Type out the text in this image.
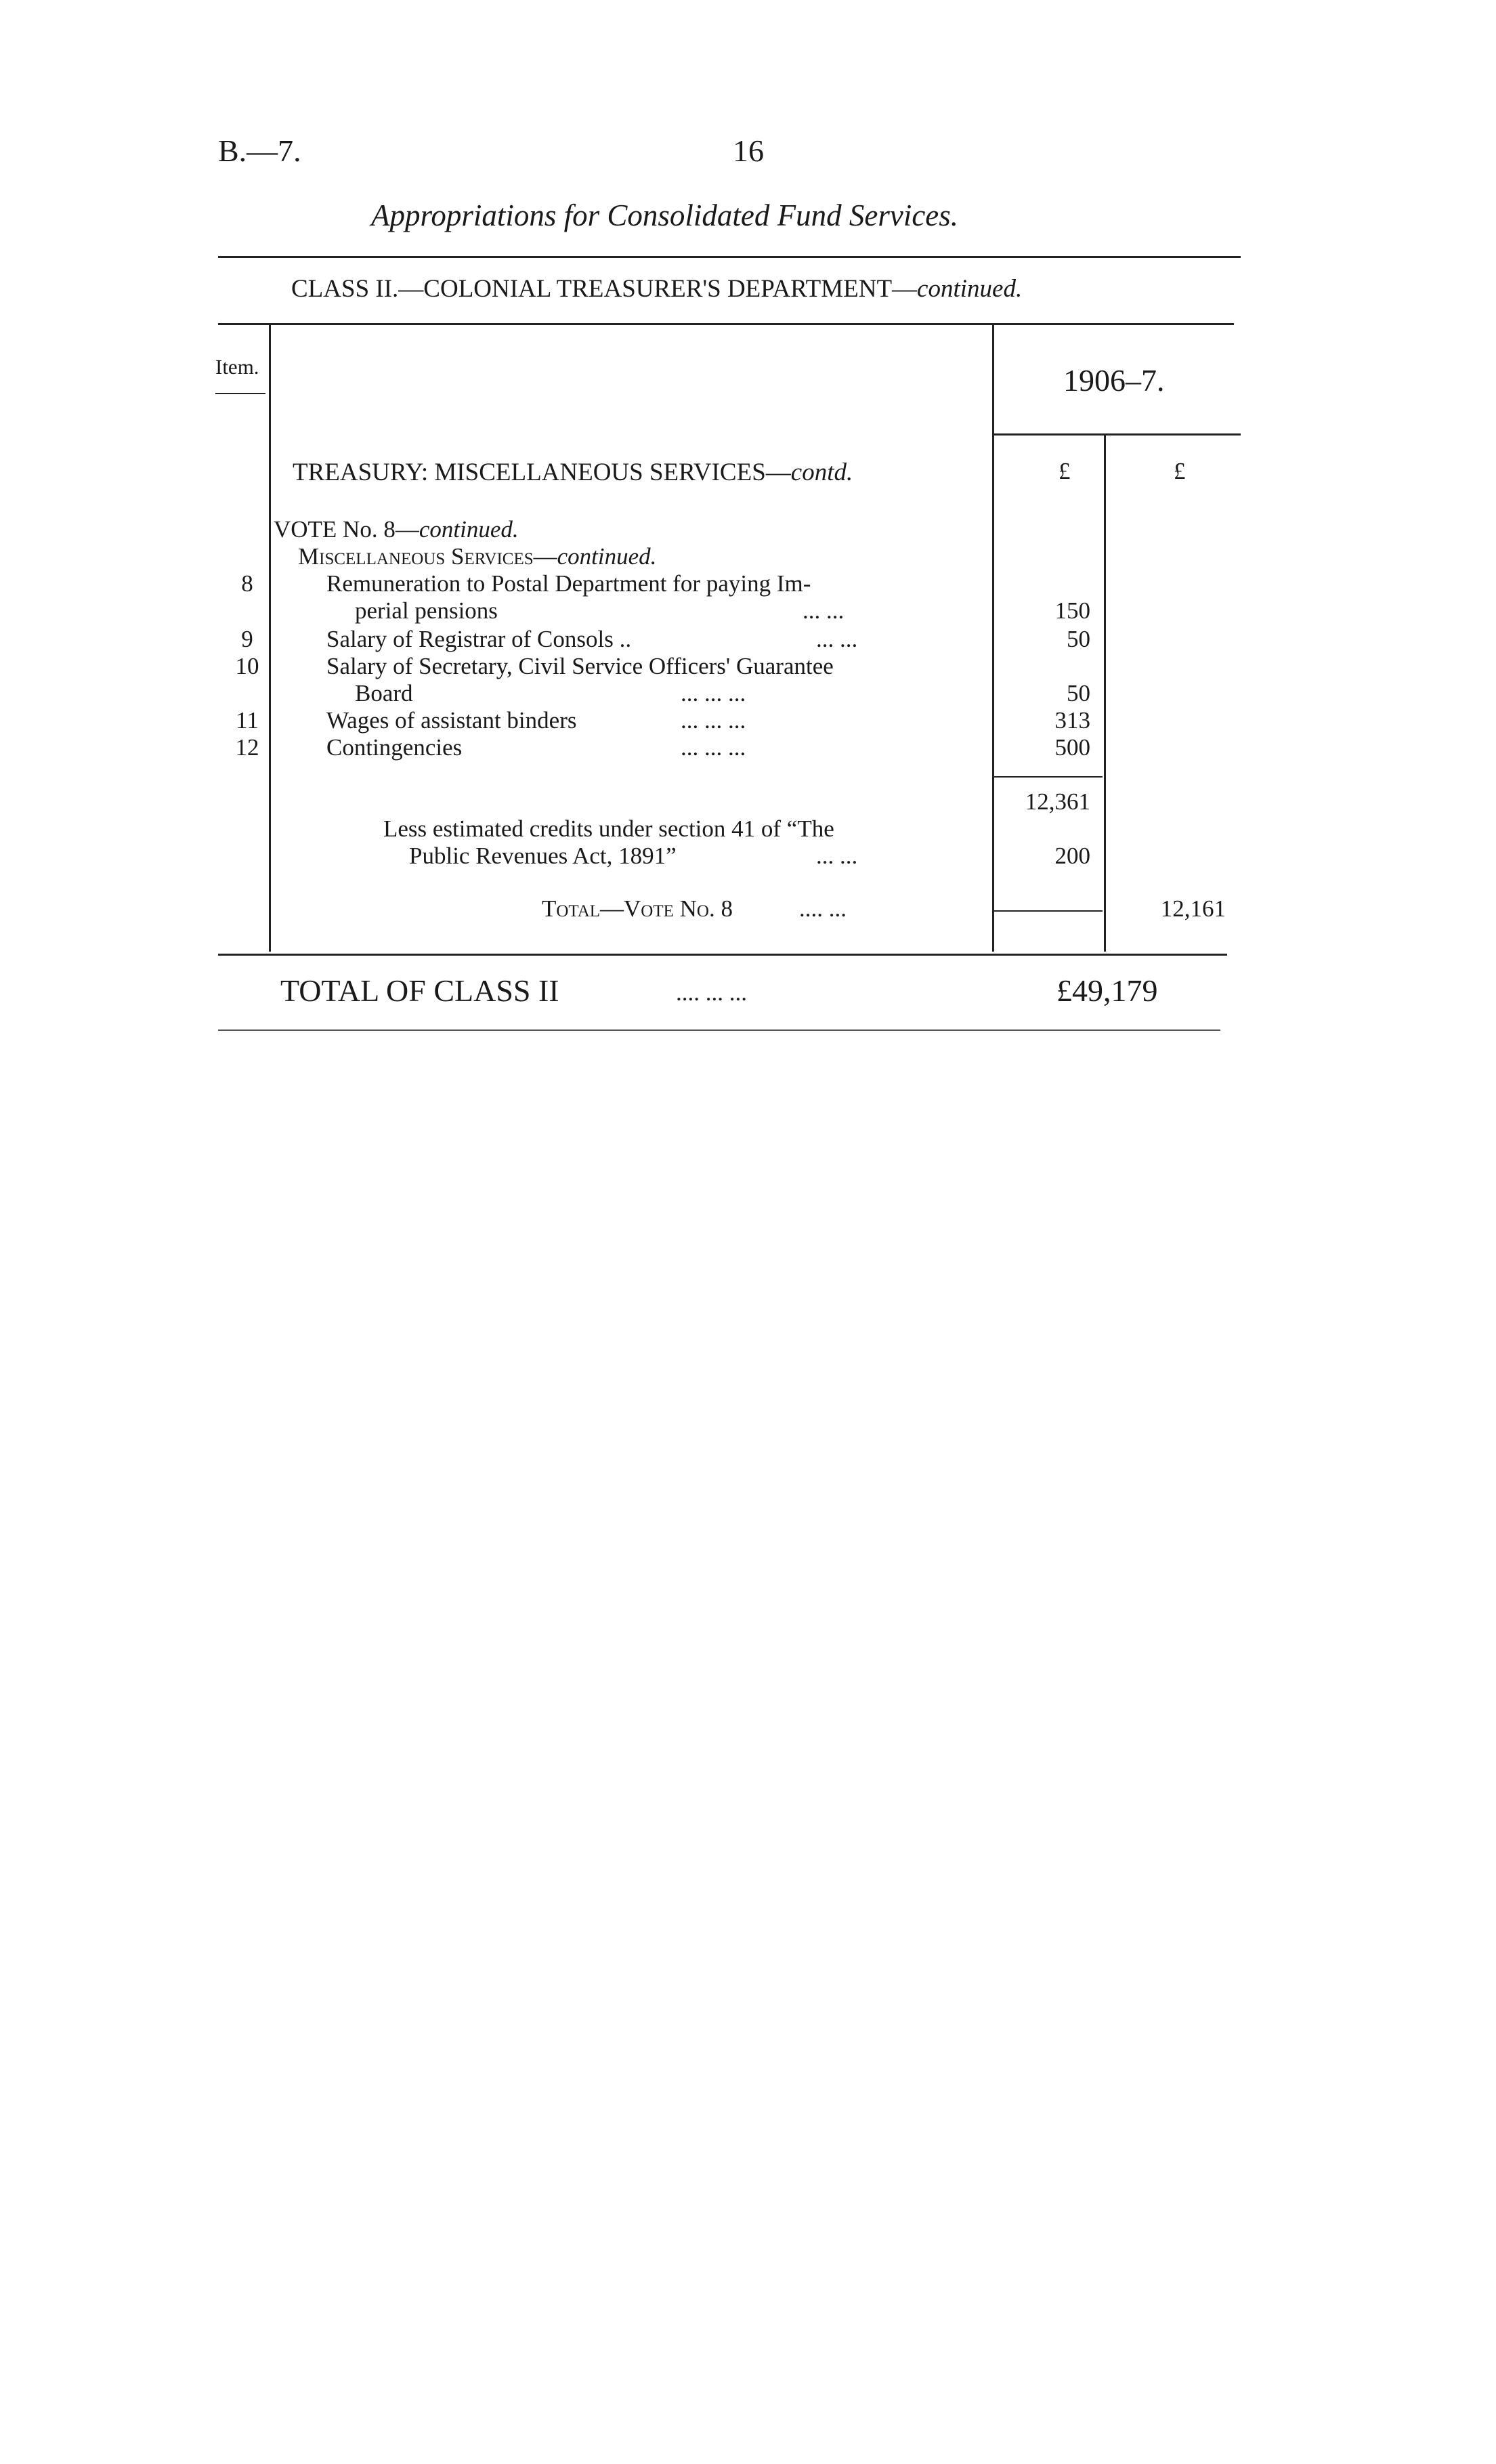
B.—7.	16
Appropriations for Consolidated Fund Services.
CLASS II.—COLONIAL TREASURER'S DEPARTMENT—continued.
Item.	1906–7.
£	£
TREASURY: MISCELLANEOUS SERVICES—contd.
VOTE No. 8—continued.
Miscellaneous Services—continued.
8	Remuneration to Postal Department for paying Im-
perial pensions	... ...	150
9	Salary of Registrar of Consols ..	... ...	50
10	Salary of Secretary, Civil Service Officers' Guarantee
Board	... ... ...	50
11	Wages of assistant binders	... ... ...	313
12	Contingencies	... ... ...	500
12,361
Less estimated credits under section 41 of “The
Public Revenues Act, 1891”	... ...	200
Total—Vote No. 8	.... ...	12,161
TOTAL OF CLASS II	.... ... ...	£49,179
